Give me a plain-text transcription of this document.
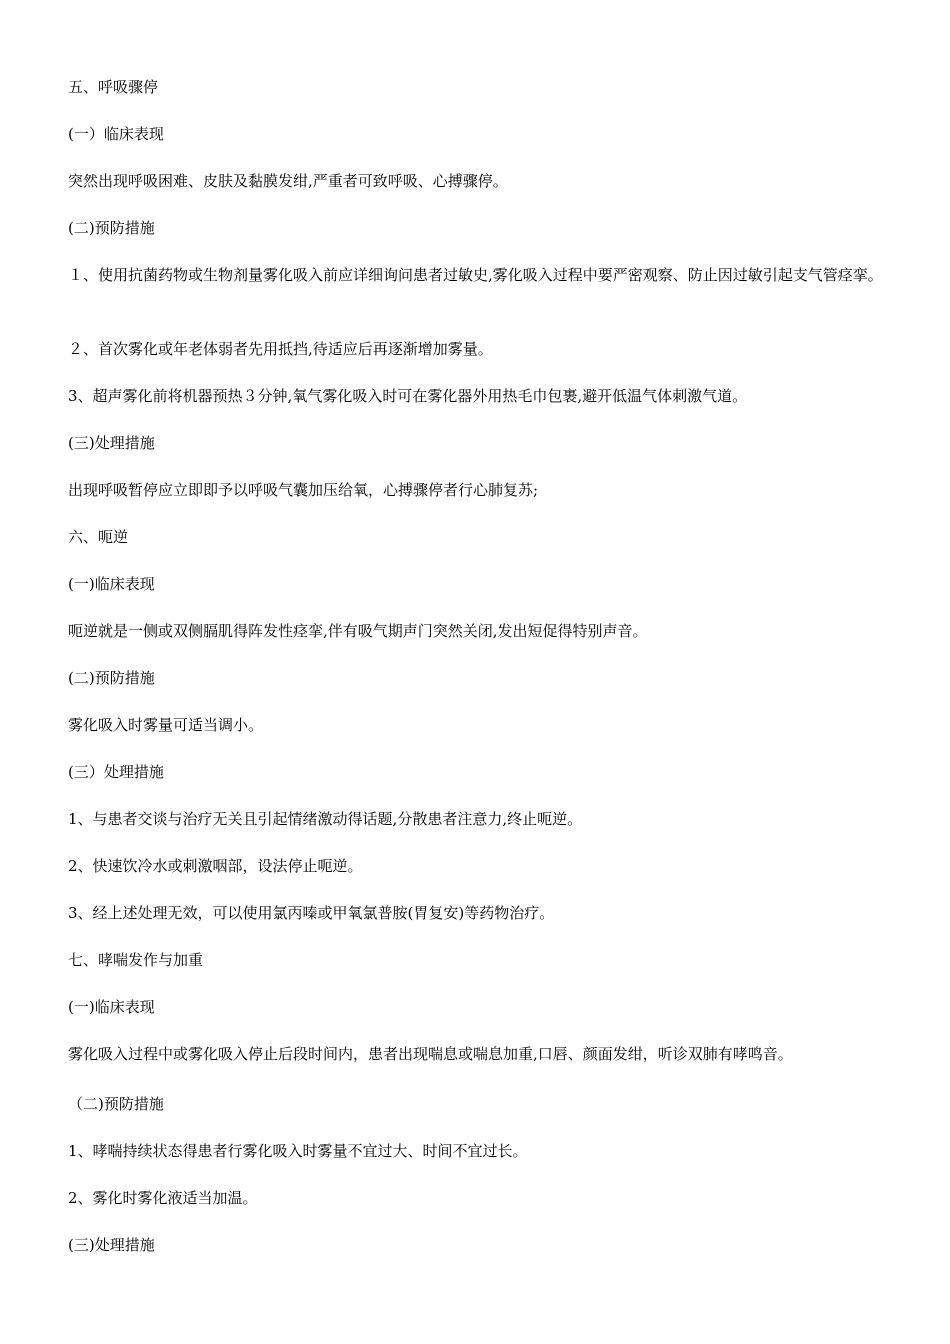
五、呼吸骤停
(一）临床表现
突然出现呼吸困难、皮肤及黏膜发绀,严重者可致呼吸、心搏骤停。
(二)预防措施
１、使用抗菌药物或生物剂量雾化吸入前应详细询问患者过敏史,雾化吸入过程中要严密观察、防止因过敏引起支气管痉挛。
２、首次雾化或年老体弱者先用抵挡,待适应后再逐渐增加雾量。
3、超声雾化前将机器预热３分钟,氧气雾化吸入时可在雾化器外用热毛巾包裹,避开低温气体刺激气道。
(三)处理措施
出现呼吸暂停应立即即予以呼吸气囊加压给氧，心搏骤停者行心肺复苏;
六、呃逆
(一)临床表现
呃逆就是一侧或双侧膈肌得阵发性痉挛,伴有吸气期声门突然关闭,发出短促得特别声音。
(二)预防措施
雾化吸入时雾量可适当调小。
(三）处理措施
1、与患者交谈与治疗无关且引起情绪激动得话题,分散患者注意力,终止呃逆。
2、快速饮冷水或刺激咽部，设法停止呃逆。
3、经上述处理无效，可以使用氯丙嗪或甲氧氯普胺(胃复安)等药物治疗。
七、哮喘发作与加重
(一)临床表现
雾化吸入过程中或雾化吸入停止后段时间内，患者出现喘息或喘息加重,口唇、颜面发绀，听诊双肺有哮鸣音。
（二)预防措施
1、哮喘持续状态得患者行雾化吸入时雾量不宜过大、时间不宜过长。
2、雾化时雾化液适当加温。
(三)处理措施
